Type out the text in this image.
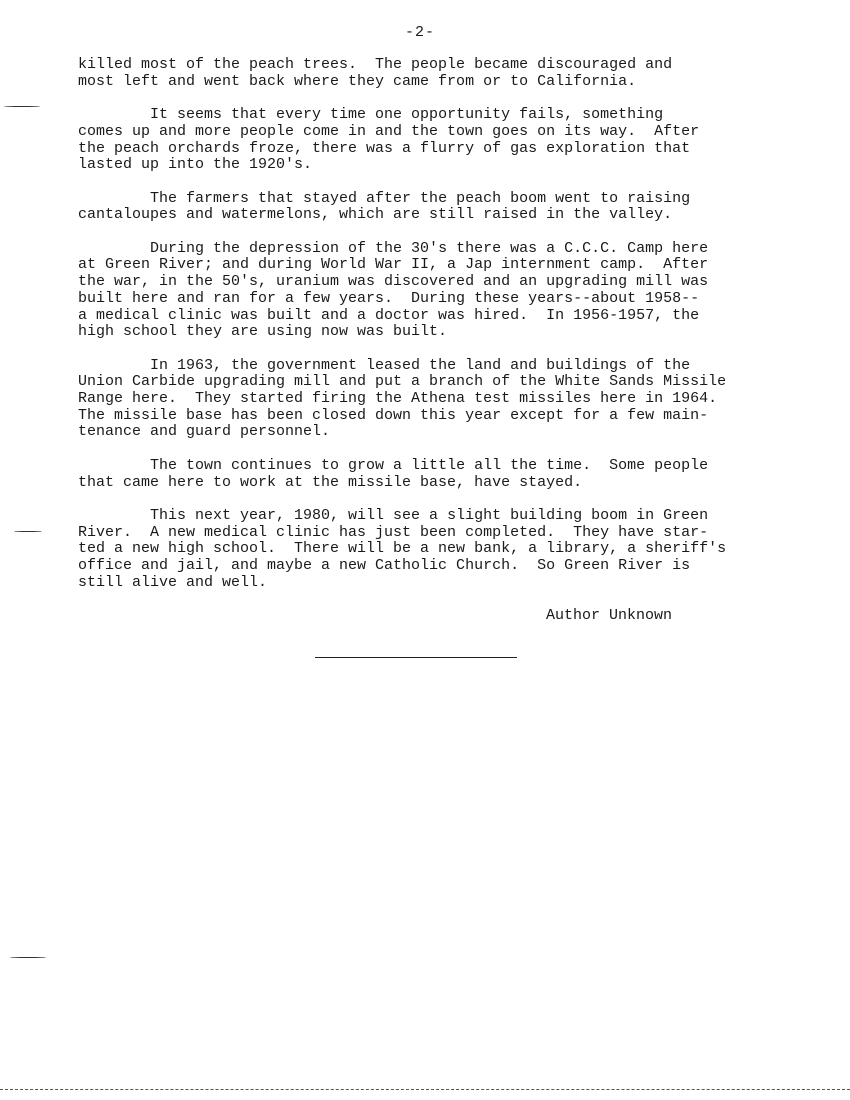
-2-

killed most of the peach trees.  The people became discouraged and
most left and went back where they came from or to California.

It seems that every time one opportunity fails, something
comes up and more people come in and the town goes on its way.  After
the peach orchards froze, there was a flurry of gas exploration that
lasted up into the 1920's.

The farmers that stayed after the peach boom went to raising
cantaloupes and watermelons, which are still raised in the valley.

During the depression of the 30's there was a C.C.C. Camp here
at Green River; and during World War II, a Jap internment camp.  After
the war, in the 50's, uranium was discovered and an upgrading mill was
built here and ran for a few years.  During these years--about 1958--
a medical clinic was built and a doctor was hired.  In 1956-1957, the
high school they are using now was built.

In 1963, the government leased the land and buildings of the
Union Carbide upgrading mill and put a branch of the White Sands Missile
Range here.  They started firing the Athena test missiles here in 1964.
The missile base has been closed down this year except for a few main-
tenance and guard personnel.

The town continues to grow a little all the time.  Some people
that came here to work at the missile base, have stayed.

This next year, 1980, will see a slight building boom in Green
River.  A new medical clinic has just been completed.  They have star-
ted a new high school.  There will be a new bank, a library, a sheriff's
office and jail, and maybe a new Catholic Church.  So Green River is
still alive and well.

Author Unknown
